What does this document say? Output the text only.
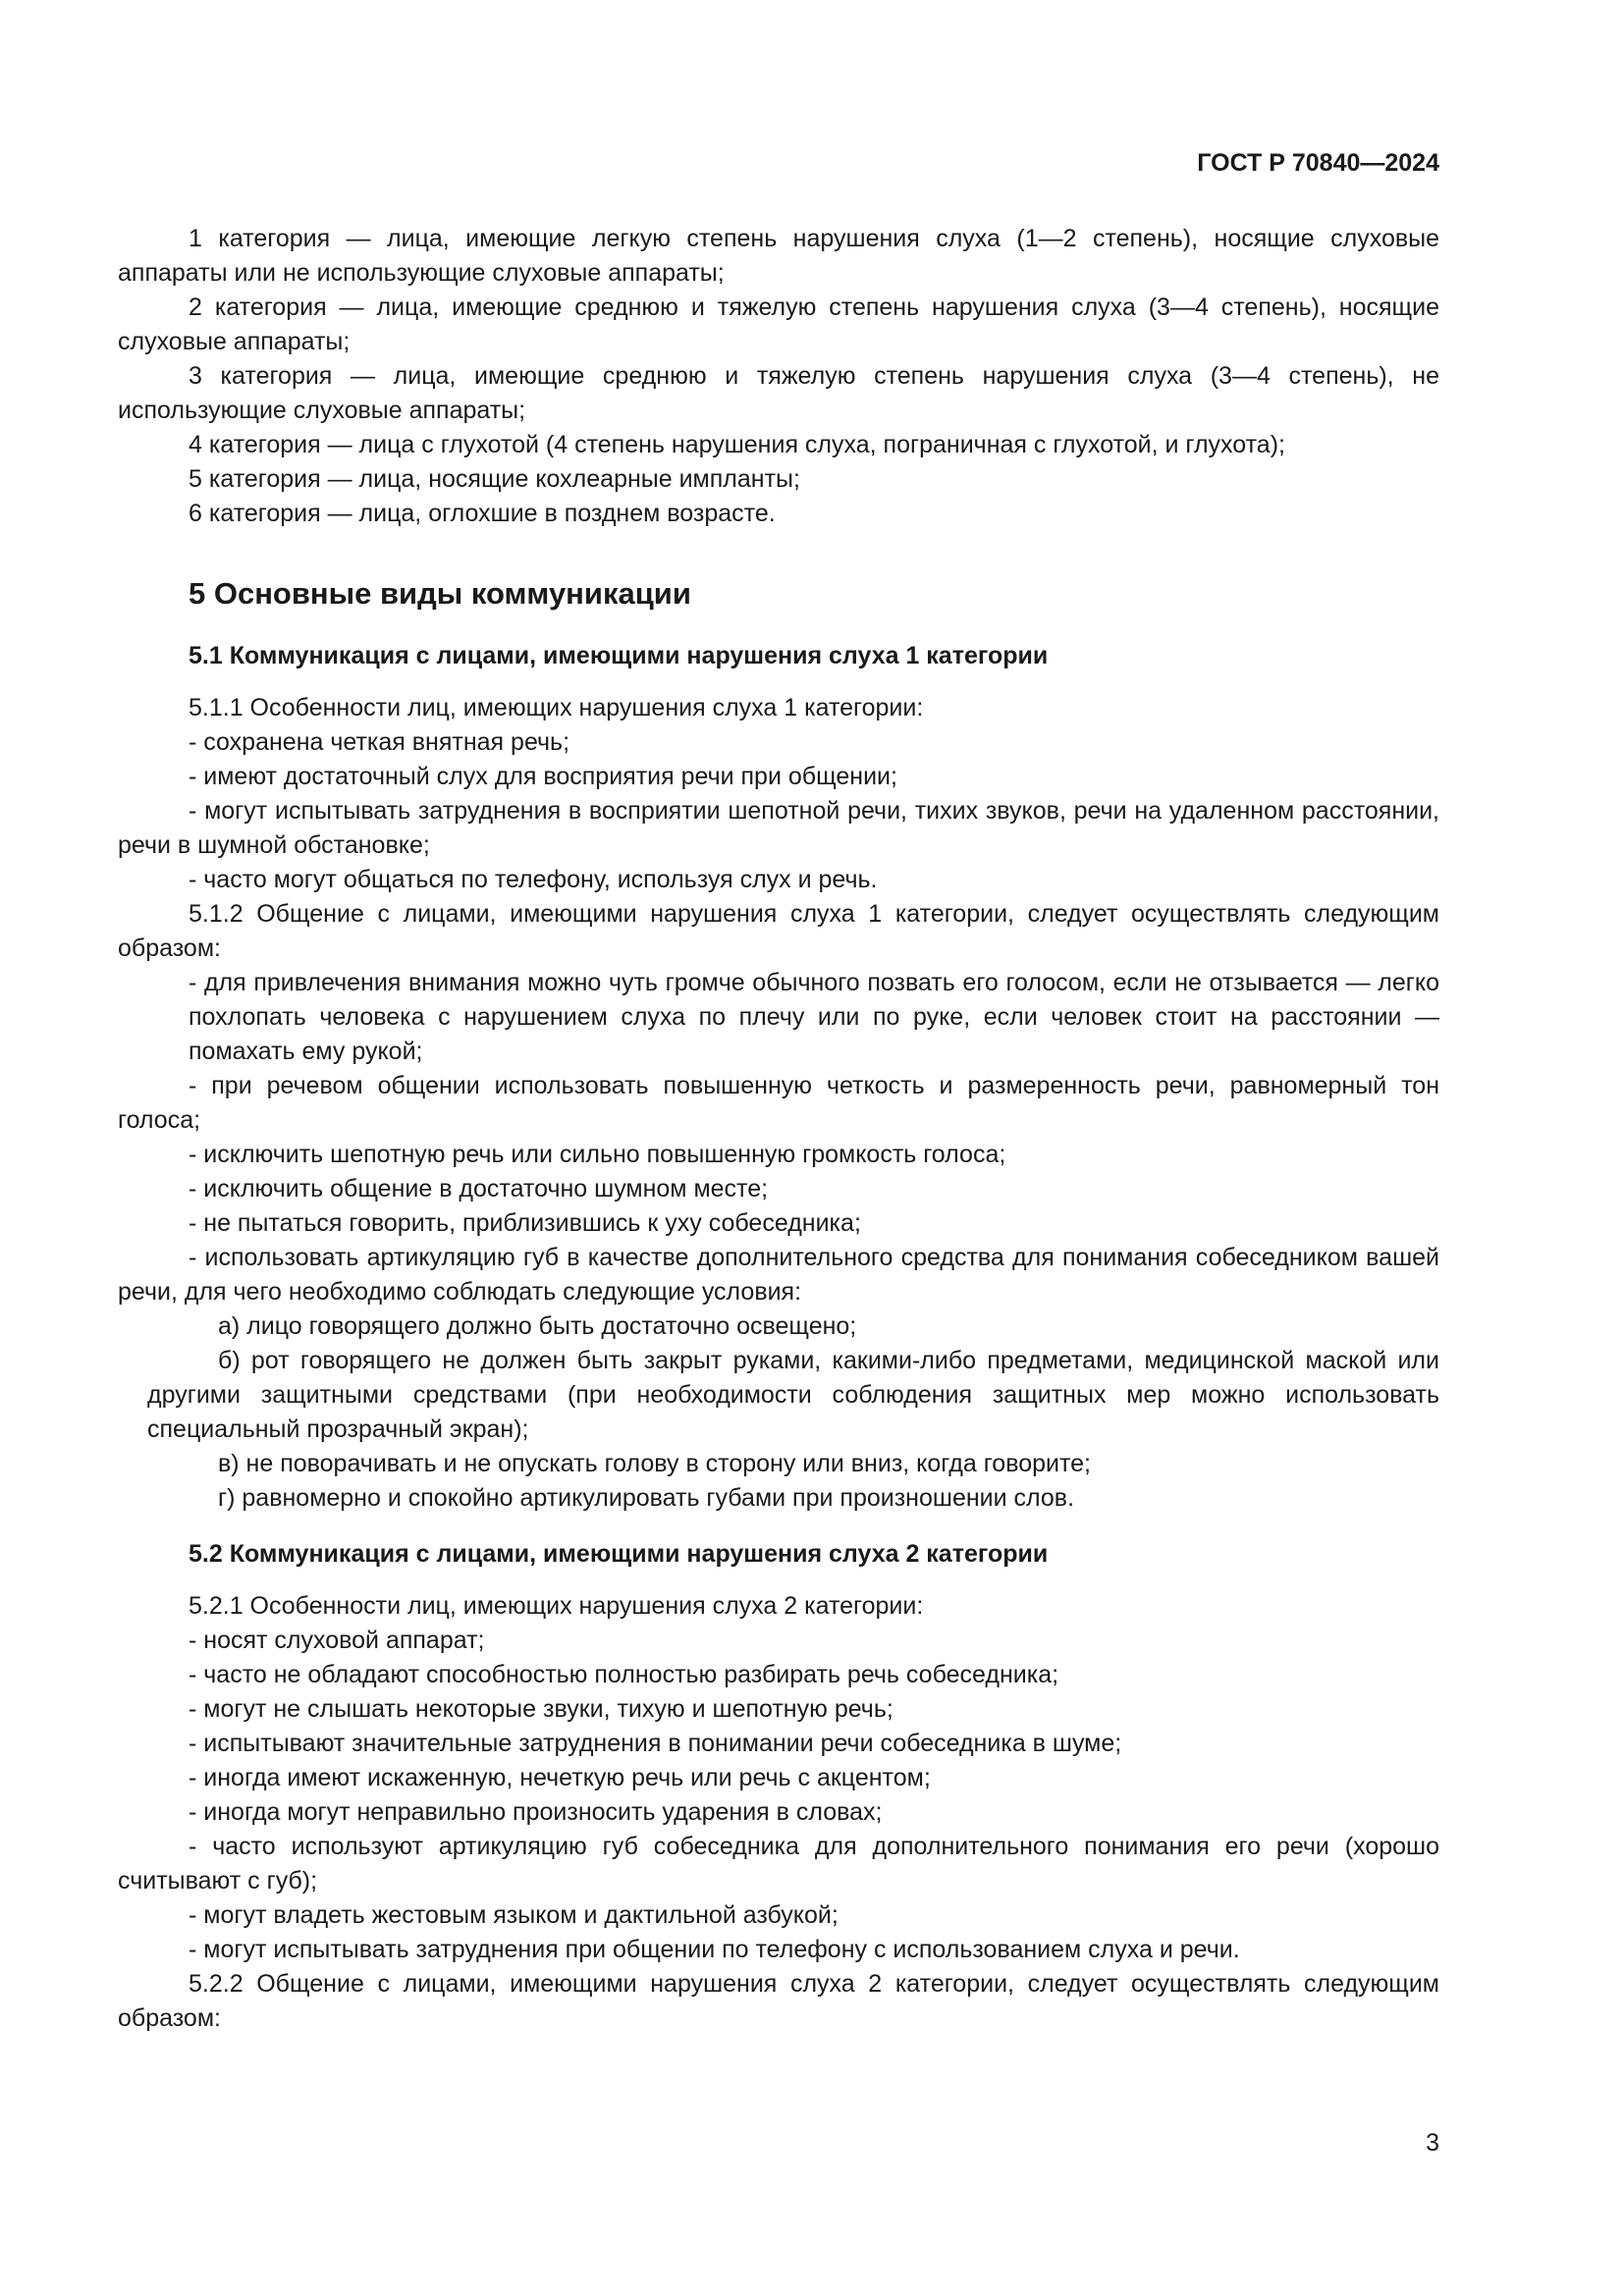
ГОСТ Р 70840—2024

1 категория — лица, имеющие легкую степень нарушения слуха (1—2 степень), носящие слуховые аппараты или не использующие слуховые аппараты;

2 категория — лица, имеющие среднюю и тяжелую степень нарушения слуха (3—4 степень), носящие слуховые аппараты;

3 категория — лица, имеющие среднюю и тяжелую степень нарушения слуха (3—4 степень), не использующие слуховые аппараты;

4 категория — лица с глухотой (4 степень нарушения слуха, пограничная с глухотой, и глухота);

5 категория — лица, носящие кохлеарные импланты;

6 категория — лица, оглохшие в позднем возрасте.

5 Основные виды коммуникации
5.1 Коммуникация с лицами, имеющими нарушения слуха 1 категории

5.1.1 Особенности лиц, имеющих нарушения слуха 1 категории:

- сохранена четкая внятная речь;

- имеют достаточный слух для восприятия речи при общении;

- могут испытывать затруднения в восприятии шепотной речи, тихих звуков, речи на удаленном расстоянии, речи в шумной обстановке;

- часто могут общаться по телефону, используя слух и речь.

5.1.2 Общение с лицами, имеющими нарушения слуха 1 категории, следует осуществлять следующим образом:

- для привлечения внимания можно чуть громче обычного позвать его голосом, если не отзывается — легко похлопать человека с нарушением слуха по плечу или по руке, если человек стоит на расстоянии — помахать ему рукой;

- при речевом общении использовать повышенную четкость и размеренность речи, равномерный тон голоса;

- исключить шепотную речь или сильно повышенную громкость голоса;

- исключить общение в достаточно шумном месте;

- не пытаться говорить, приблизившись к уху собеседника;

- использовать артикуляцию губ в качестве дополнительного средства для понимания собеседником вашей речи, для чего необходимо соблюдать следующие условия:

а) лицо говорящего должно быть достаточно освещено;

б) рот говорящего не должен быть закрыт руками, какими-либо предметами, медицинской маской или другими защитными средствами (при необходимости соблюдения защитных мер можно использовать специальный прозрачный экран);

в) не поворачивать и не опускать голову в сторону или вниз, когда говорите;

г) равномерно и спокойно артикулировать губами при произношении слов.

5.2 Коммуникация с лицами, имеющими нарушения слуха 2 категории

5.2.1 Особенности лиц, имеющих нарушения слуха 2 категории:

- носят слуховой аппарат;

- часто не обладают способностью полностью разбирать речь собеседника;

- могут не слышать некоторые звуки, тихую и шепотную речь;

- испытывают значительные затруднения в понимании речи собеседника в шуме;

- иногда имеют искаженную, нечеткую речь или речь с акцентом;

- иногда могут неправильно произносить ударения в словах;

- часто используют артикуляцию губ собеседника для дополнительного понимания его речи (хорошо считывают с губ);

- могут владеть жестовым языком и дактильной азбукой;

- могут испытывать затруднения при общении по телефону с использованием слуха и речи.

5.2.2 Общение с лицами, имеющими нарушения слуха 2 категории, следует осуществлять следующим образом:

3
